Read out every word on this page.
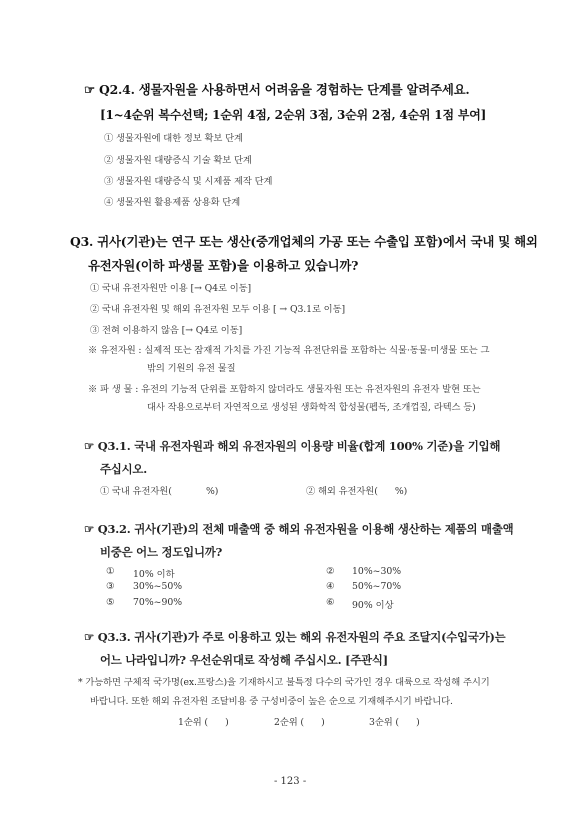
☞ Q2.4. 생물자원을 사용하면서 어려움을 경험하는 단계를 알려주세요.
[1~4순위 복수선택; 1순위 4점, 2순위 3점, 3순위 2점, 4순위 1점 부여]
① 생물자원에 대한 정보 확보 단계
② 생물자원 대량증식 기술 확보 단계
③ 생물자원 대량증식 및 시제품 제작 단계
④ 생물자원 활용제품 상용화 단계
Q3. 귀사(기관)는 연구 또는 생산(중개업체의 가공 또는 수출입 포함)에서 국내 및 해외
유전자원(이하 파생물 포함)을 이용하고 있습니까?
① 국내 유전자원만 이용 [→ Q4로 이동]
② 국내 유전자원 및 해외 유전자원 모두 이용 [ → Q3.1로 이동]
③ 전혀 이용하지 않음 [→ Q4로 이동]
※ 유전자원 : 실제적 또는 잠재적 가치를 가진 기능적 유전단위를 포함하는 식물·동물·미생물 또는 그
밖의 기원의 유전 물질
※ 파 생 물 : 유전의 기능적 단위를 포함하지 않더라도 생물자원 또는 유전자원의 유전자 발현 또는
대사 작용으로부터 자연적으로 생성된 생화학적 합성물(펩독, 조개껍질, 라텍스 등)
☞ Q3.1. 국내 유전자원과 해외 유전자원의 이용량 비율(합계 100% 기준)을 기입해
주십시오.
① 국내 유전자원(            %)	② 해외 유전자원(      %)
☞ Q3.2. 귀사(기관)의 전체 매출액 중 해외 유전자원을 이용해 생산하는 제품의 매출액
비중은 어느 정도입니까?
① 10% 이하	② 10%~30%
③ 30%~50%	④ 50%~70%
⑤ 70%~90%	⑥ 90% 이상
☞ Q3.3. 귀사(기관)가 주로 이용하고 있는 해외 유전자원의 주요 조달지(수입국가)는
어느 나라입니까? 우선순위대로 작성해 주십시오. [주관식]
* 가능하면 구체적 국가명(ex.프랑스)을 기재하시고 불특정 다수의 국가인 경우 대륙으로 작성해 주시기
바랍니다. 또한 해외 유전자원 조달비용 중 구성비중이 높은 순으로 기재해주시기 바랍니다.
1순위 (      )	2순위 (      )	3순위 (      )
- 123 -
